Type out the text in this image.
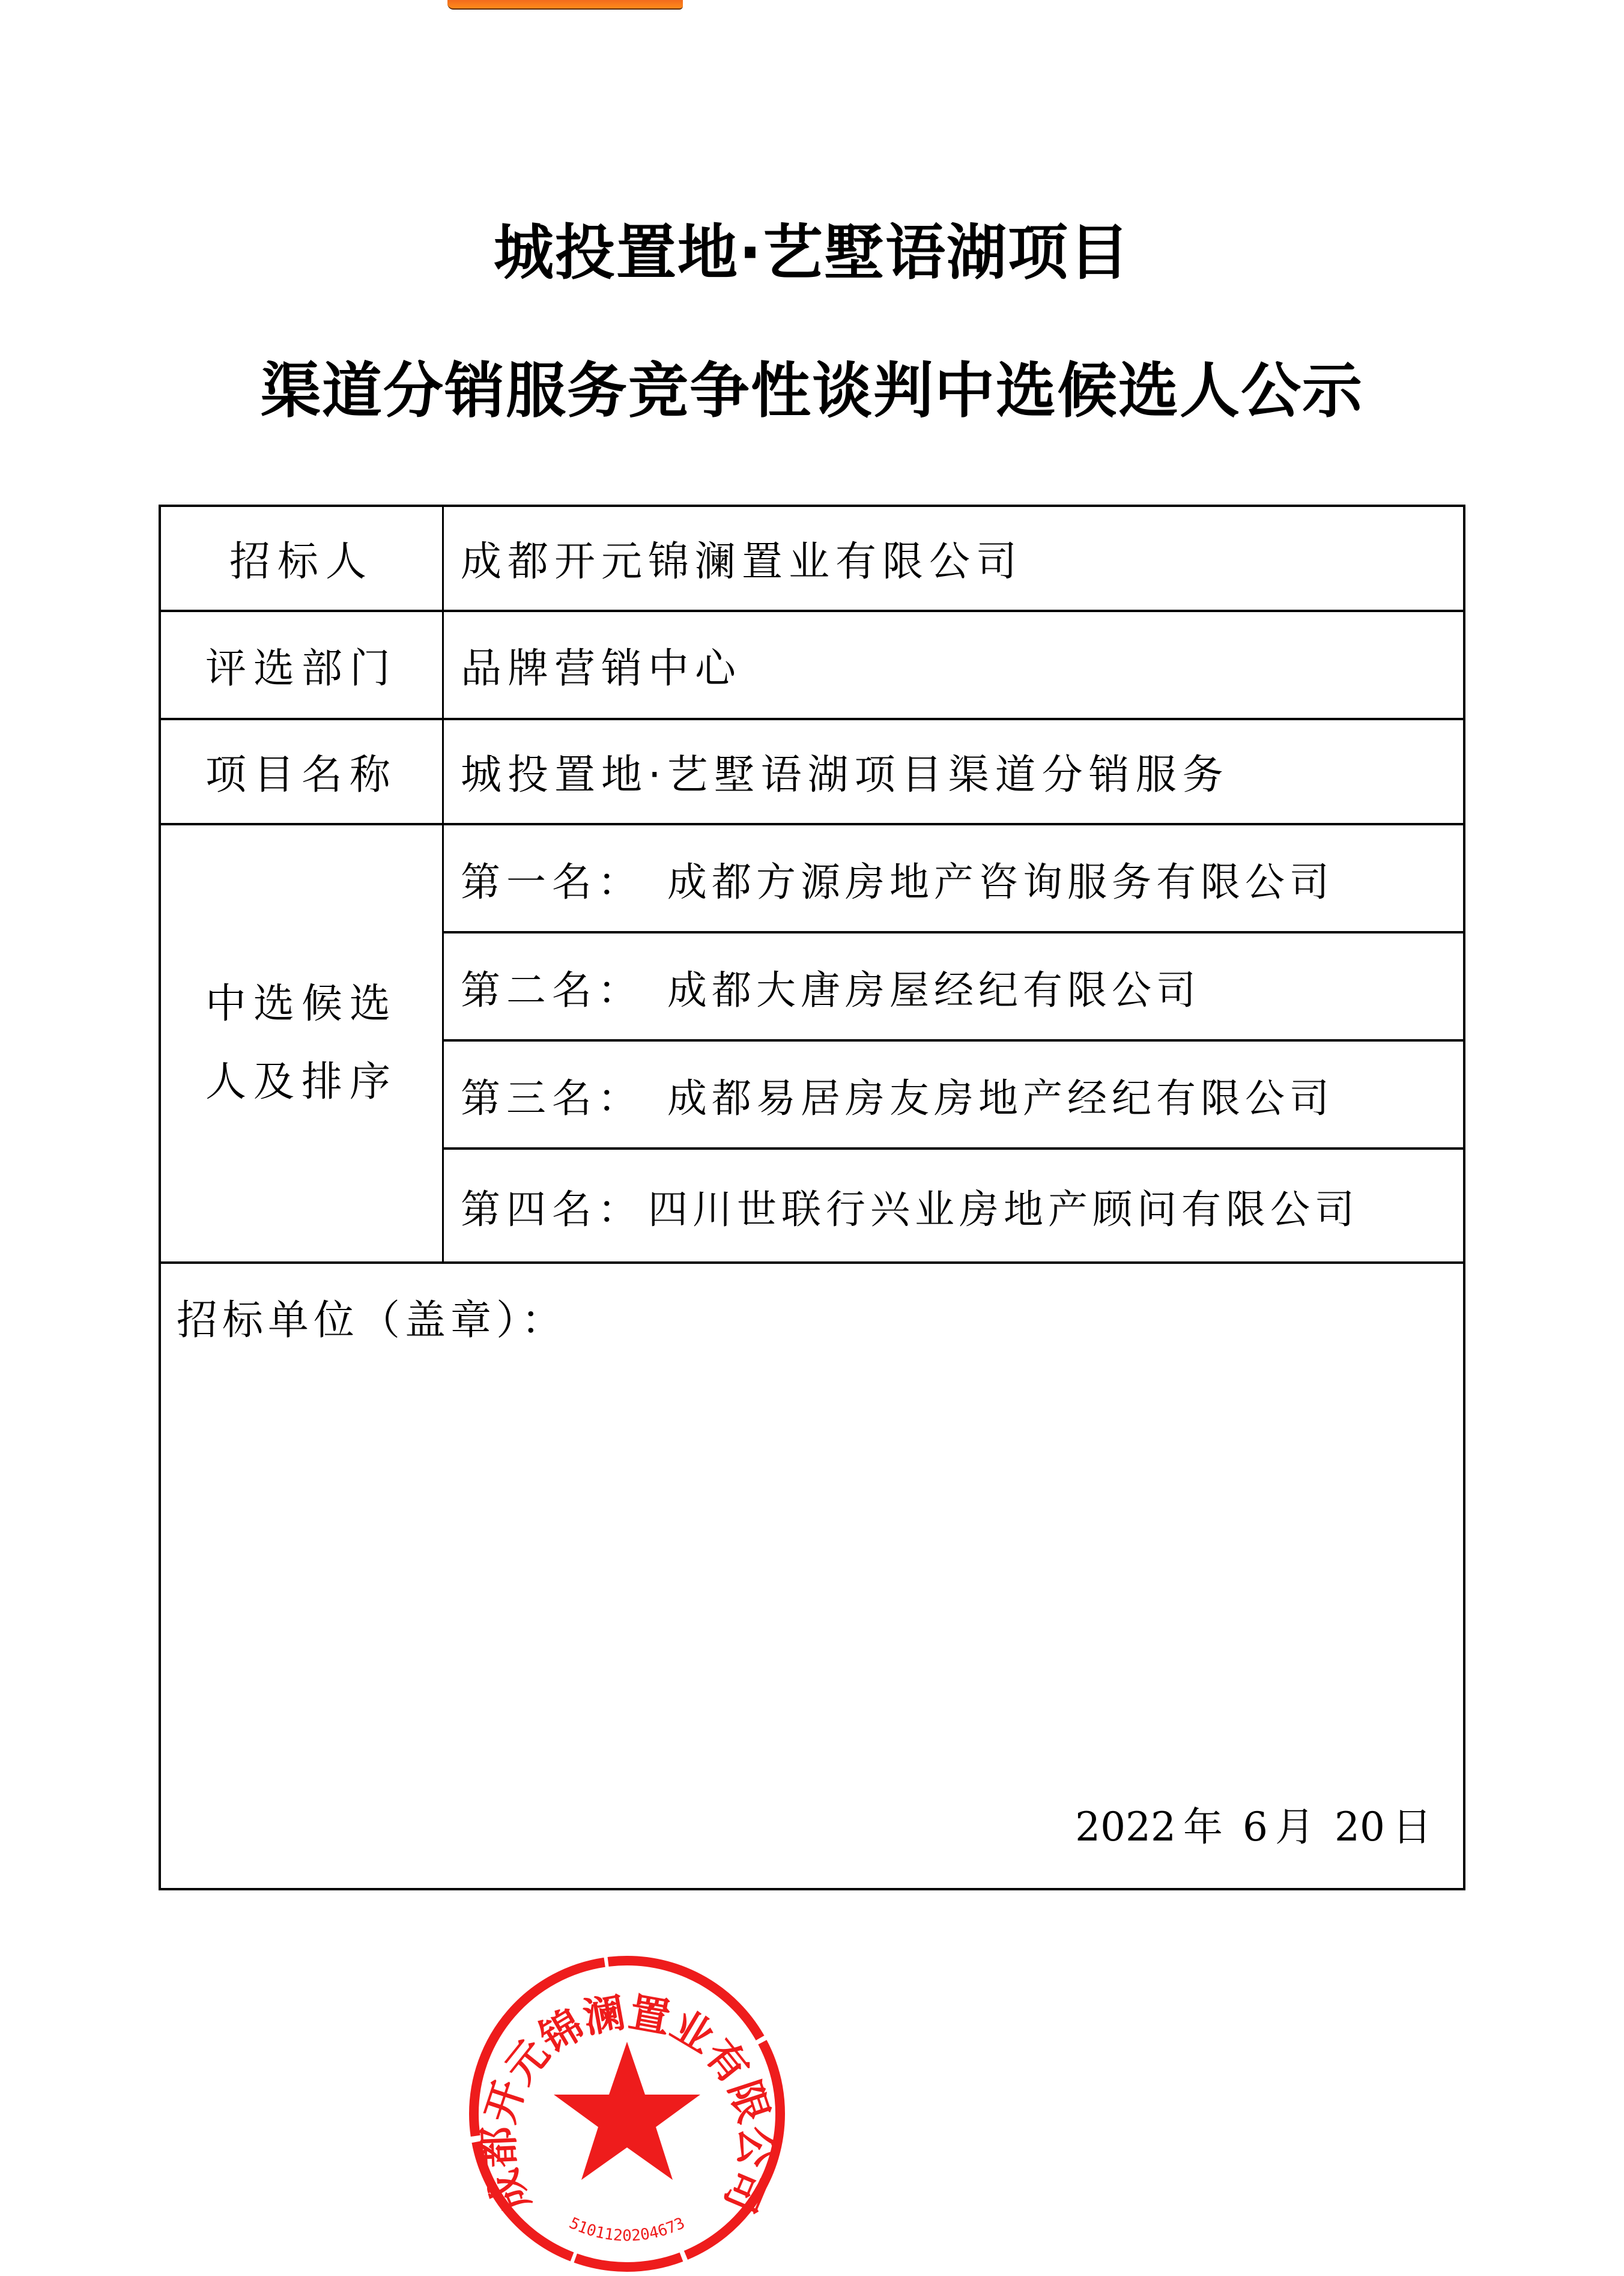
城投置地·艺墅语湖项目
渠道分销服务竞争性谈判中选候选人公示
招标人	成都开元锦澜置业有限公司
评选部门	品牌营销中心
项目名称	城投置地·艺墅语湖项目渠道分销服务
中选候选
人及排序
第一名： 成都方源房地产咨询服务有限公司
第二名： 成都大唐房屋经纪有限公司
第三名： 成都易居房友房地产经纪有限公司
第四名： 四川世联行兴业房地产顾问有限公司
招标单位（盖章）：
成都开元锦澜置业有限公司
5101120204673
2022 年 6 月 20 日
